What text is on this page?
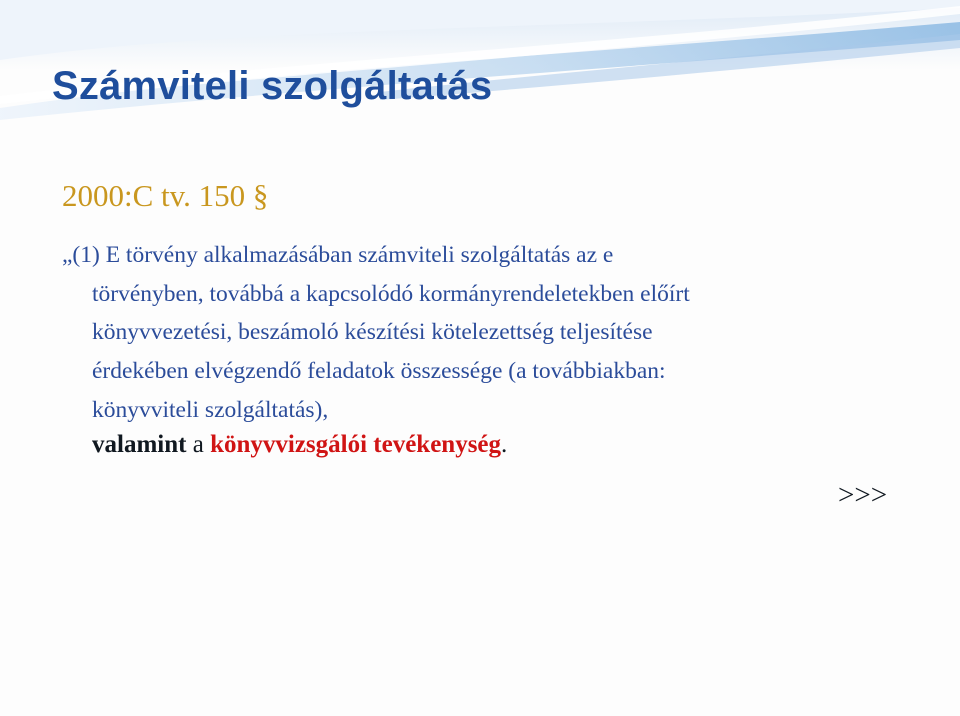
Számviteli szolgáltatás
2000:C tv. 150 §

„(1) E törvény alkalmazásában számviteli szolgáltatás az e
törvényben, továbbá a kapcsolódó kormányrendeletekben előírt
könyvvezetési, beszámoló készítési kötelezettség teljesítése
érdekében elvégzendő feladatok összessége (a továbbiakban:
könyvviteli szolgáltatás),

valamint a könyvvizsgálói tevékenység.
>>>
